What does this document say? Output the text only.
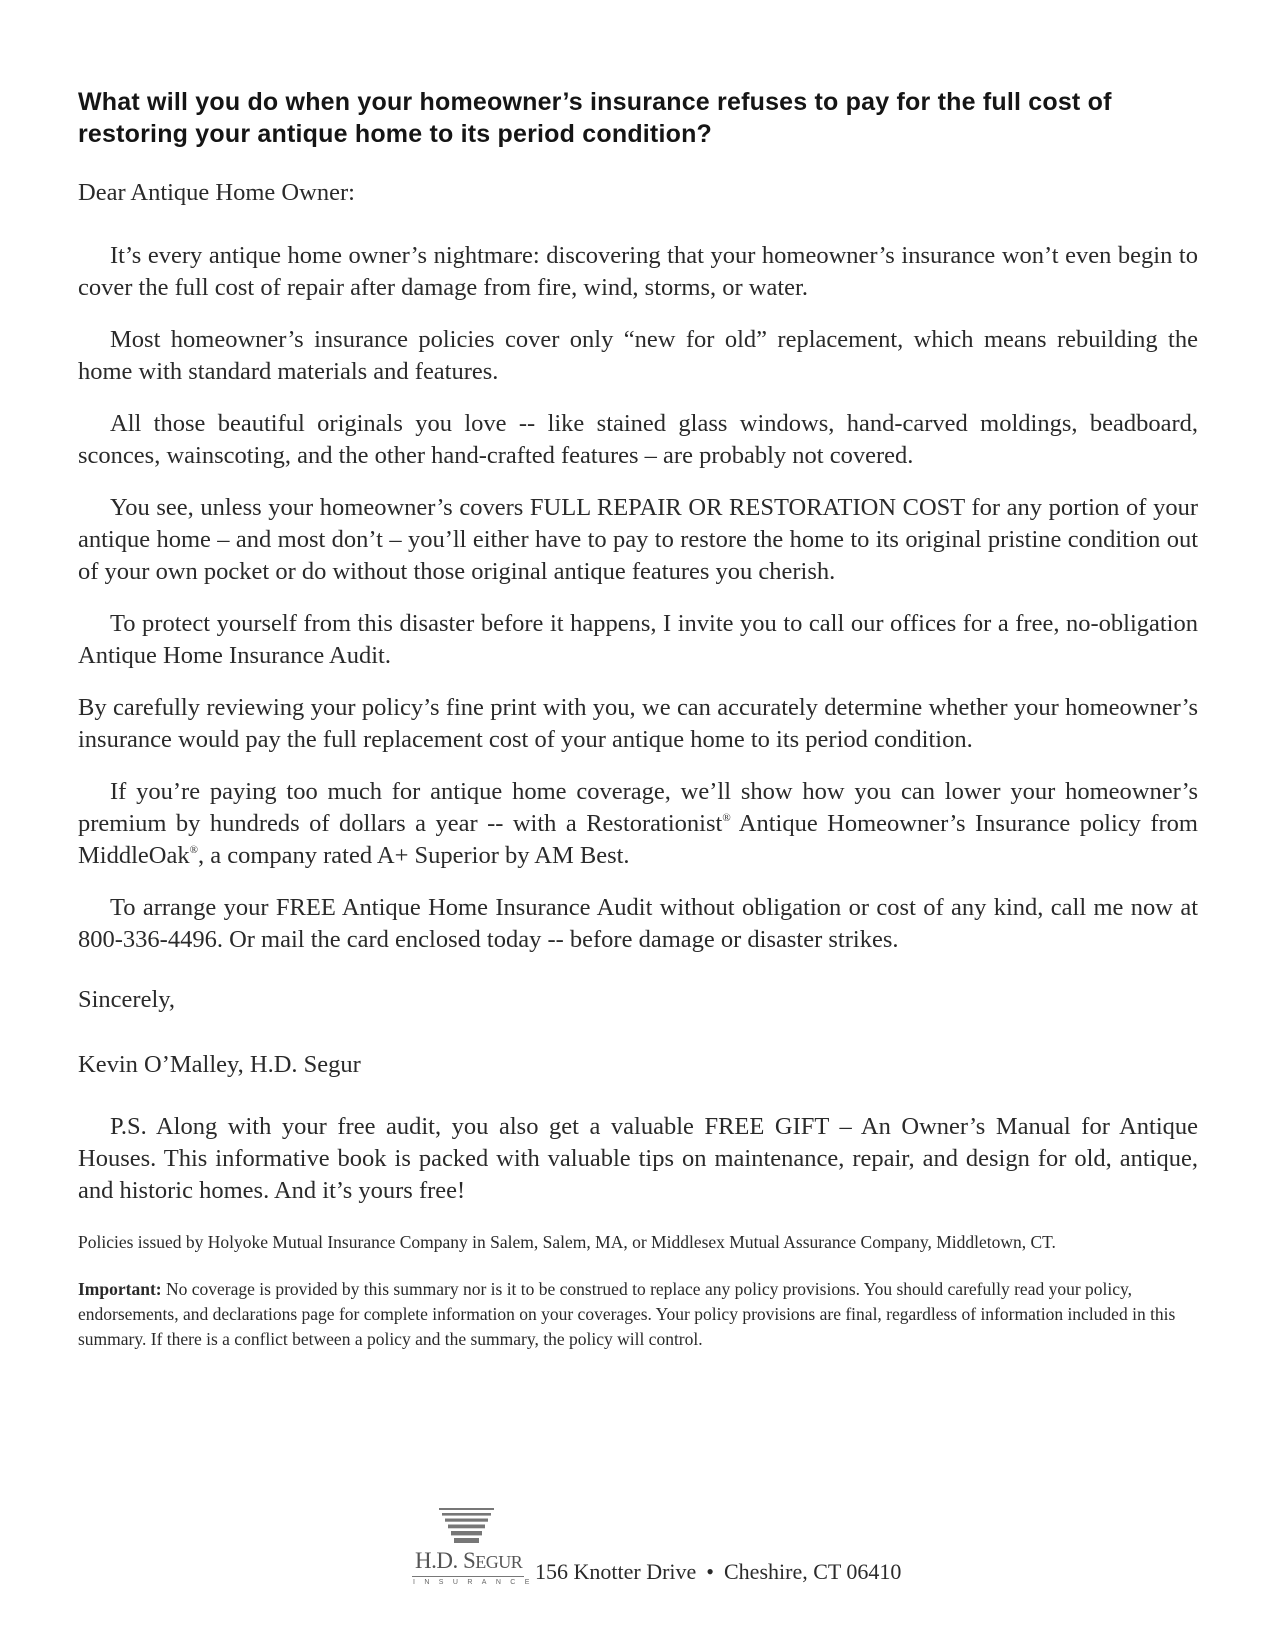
What will you do when your homeowner’s insurance refuses to pay for the full cost of restoring your antique home to its period condition?

Dear Antique Home Owner:

It’s every antique home owner’s nightmare: discovering that your homeowner’s insurance won’t even begin to cover the full cost of repair after damage from fire, wind, storms, or water.

Most homeowner’s insurance policies cover only “new for old” replacement, which means rebuilding the home with standard materials and features.

All those beautiful originals you love -- like stained glass windows, hand-carved moldings, beadboard, sconces, wainscoting, and the other hand-crafted features – are probably not covered.

You see, unless your homeowner’s covers FULL REPAIR OR RESTORATION COST for any portion of your antique home – and most don’t – you’ll either have to pay to restore the home to its original pristine condition out of your own pocket or do without those original antique features you cherish.

To protect yourself from this disaster before it happens, I invite you to call our offices for a free, no-obligation Antique Home Insurance Audit.

By carefully reviewing your policy’s fine print with you, we can accurately determine whether your homeowner’s insurance would pay the full replacement cost of your antique home to its period condition.

If you’re paying too much for antique home coverage, we’ll show how you can lower your homeowner’s premium by hundreds of dollars a year -- with a Restorationist® Antique Homeowner’s Insurance policy from MiddleOak®, a company rated A+ Superior by AM Best.

To arrange your FREE Antique Home Insurance Audit without obligation or cost of any kind, call me now at 800-336-4496. Or mail the card enclosed today -- before damage or disaster strikes.

Sincerely,

Kevin O’Malley, H.D. Segur

P.S. Along with your free audit, you also get a valuable FREE GIFT – An Owner’s Manual for Antique Houses. This informative book is packed with valuable tips on maintenance, repair, and design for old, antique, and historic homes. And it’s yours free!

Policies issued by Holyoke Mutual Insurance Company in Salem, Salem, MA, or Middlesex Mutual Assurance Company, Middletown, CT.

Important: No coverage is provided by this summary nor is it to be construed to replace any policy provisions. You should carefully read your policy, endorsements, and declarations page for complete information on your coverages. Your policy provisions are final, regardless of information included in this summary. If there is a conflict between a policy and the summary, the policy will control.

H.D. SEGUR
INSURANCE
156 Knotter Drive • Cheshire, CT 06410
